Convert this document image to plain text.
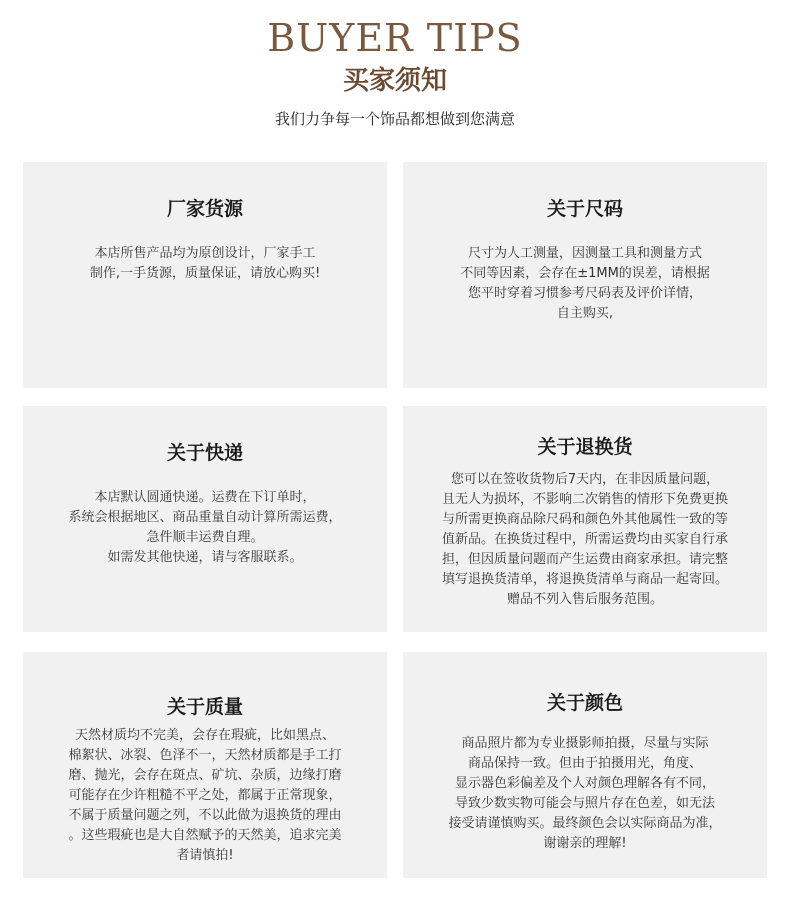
BUYER TIPS
买家须知
我们力争每一个饰品都想做到您满意
厂家货源
本店所售产品均为原创设计，厂家手工
制作,一手货源，质量保证，请放心购买!
关于尺码
尺寸为人工测量，因测量工具和测量方式
不同等因素，会存在±1MM的误差，请根据
您平时穿着习惯参考尺码表及评价详情，
自主购买,
关于快递
本店默认圆通快递。运费在下订单时，
系统会根据地区、商品重量自动计算所需运费，
急件顺丰运费自理。
如需发其他快递，请与客服联系。
关于退换货
您可以在签收货物后7天内，在非因质量问题，
且无人为损坏，不影响二次销售的情形下免费更换
与所需更换商品除尺码和颜色外其他属性一致的等
值新品。在换货过程中，所需运费均由买家自行承
担，但因质量问题而产生运费由商家承担。请完整
填写退换货清单，将退换货清单与商品一起寄回。
赠品不列入售后服务范围。
关于质量
天然材质均不完美，会存在瑕疵，比如黑点、
棉絮状、冰裂、色泽不一，天然材质都是手工打
磨、抛光，会存在斑点、矿坑、杂质，边缘打磨
可能存在少许粗糙不平之处，都属于正常现象，
不属于质量问题之列，不以此做为退换货的理由
。这些瑕疵也是大自然赋予的天然美，追求完美
者请慎拍!
关于颜色
商品照片都为专业摄影师拍摄，尽量与实际
商品保持一致。但由于拍摄用光，角度、
显示器色彩偏差及个人对颜色理解各有不同，
导致少数实物可能会与照片存在色差，如无法
接受请谨慎购买。最终颜色会以实际商品为准，
谢谢亲的理解!
